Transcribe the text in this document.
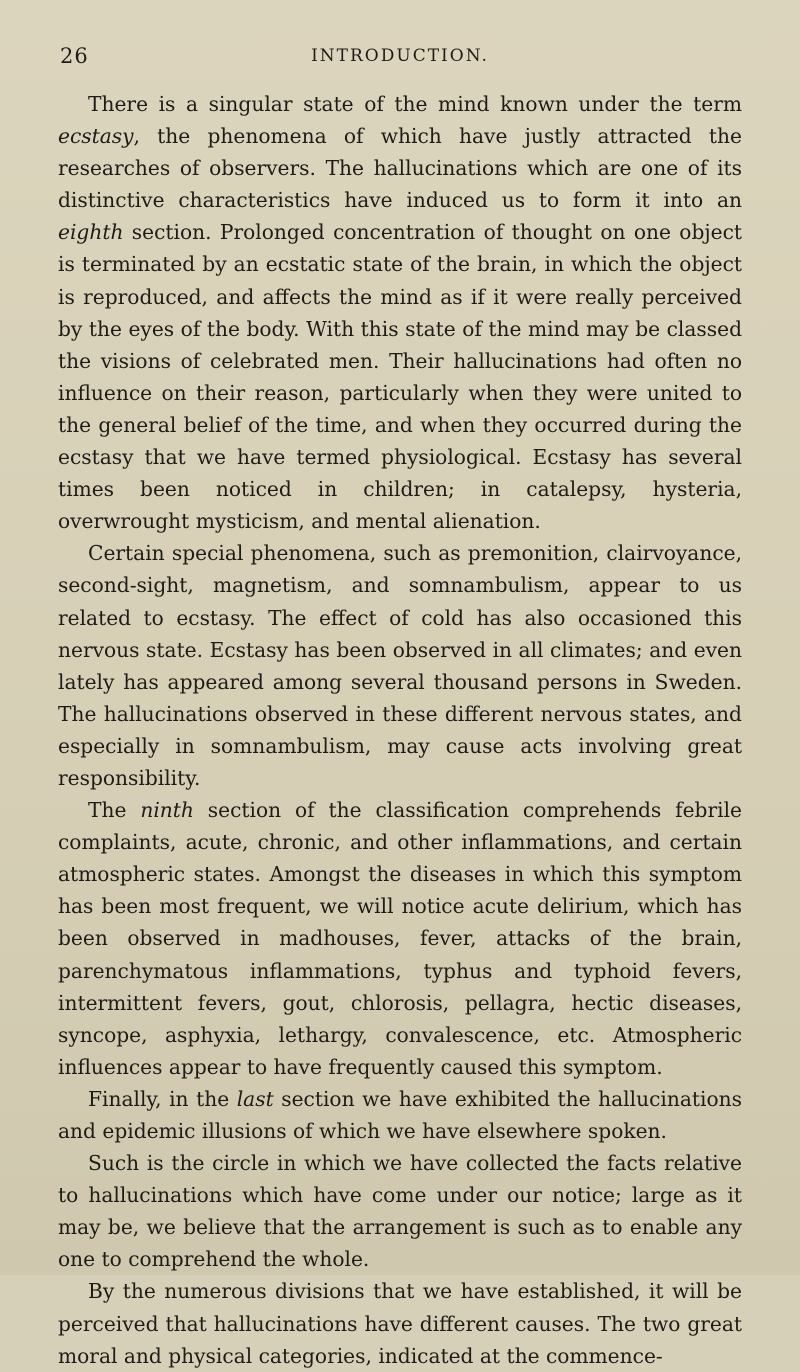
26	INTRODUCTION.

There is a singular state of the mind known under the term ecstasy, the phenomena of which have justly attracted the researches of observers. The hallucinations which are one of its distinctive characteristics have induced us to form it into an eighth section. Prolonged concentration of thought on one object is terminated by an ecstatic state of the brain, in which the object is reproduced, and affects the mind as if it were really perceived by the eyes of the body. With this state of the mind may be classed the visions of celebrated men. Their hallucinations had often no influence on their reason, particularly when they were united to the general belief of the time, and when they occurred during the ecstasy that we have termed physiological. Ecstasy has several times been noticed in children; in catalepsy, hysteria, overwrought mysticism, and mental alienation.

Certain special phenomena, such as premonition, clairvoyance, second-sight, magnetism, and somnambulism, appear to us related to ecstasy. The effect of cold has also occasioned this nervous state. Ecstasy has been observed in all climates; and even lately has appeared among several thousand persons in Sweden. The hallucinations observed in these different nervous states, and especially in somnambulism, may cause acts involving great responsibility.

The ninth section of the classification comprehends febrile complaints, acute, chronic, and other inflammations, and certain atmospheric states. Amongst the diseases in which this symptom has been most frequent, we will notice acute delirium, which has been observed in madhouses, fever, attacks of the brain, parenchymatous inflammations, typhus and typhoid fevers, intermittent fevers, gout, chlorosis, pellagra, hectic diseases, syncope, asphyxia, lethargy, convalescence, etc. Atmospheric influences appear to have frequently caused this symptom.

Finally, in the last section we have exhibited the hallucinations and epidemic illusions of which we have elsewhere spoken.

Such is the circle in which we have collected the facts relative to hallucinations which have come under our notice; large as it may be, we believe that the arrangement is such as to enable any one to comprehend the whole.

By the numerous divisions that we have established, it will be perceived that hallucinations have different causes. The two great moral and physical categories, indicated at the commence-
